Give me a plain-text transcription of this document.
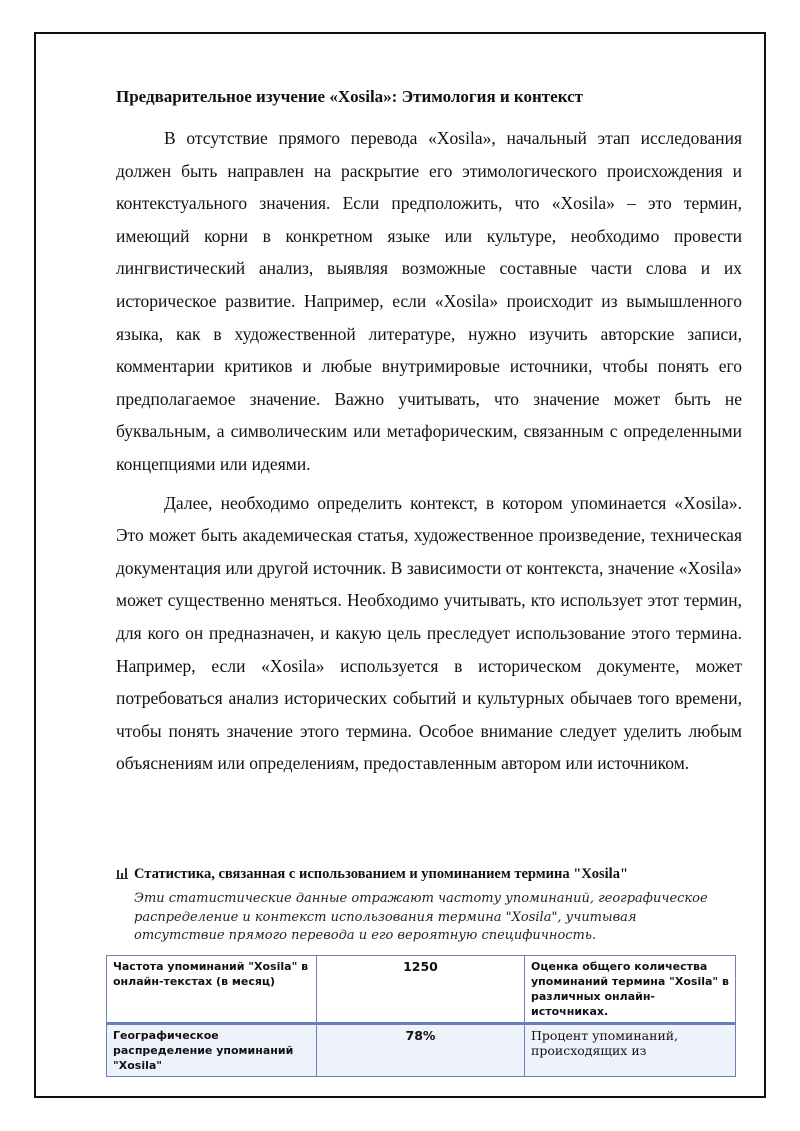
Предварительное изучение «Xosila»: Этимология и контекст

В отсутствие прямого перевода «Xosila», начальный этап исследования должен быть направлен на раскрытие его этимологического происхождения и контекстуального значения. Если предположить, что «Xosila» – это термин, имеющий корни в конкретном языке или культуре, необходимо провести лингвистический анализ, выявляя возможные составные части слова и их историческое развитие. Например, если «Xosila» происходит из вымышленного языка, как в художественной литературе, нужно изучить авторские записи, комментарии критиков и любые внутримировые источники, чтобы понять его предполагаемое значение. Важно учитывать, что значение может быть не буквальным, а символическим или метафорическим, связанным с определенными концепциями или идеями.

Далее, необходимо определить контекст, в котором упоминается «Xosila». Это может быть академическая статья, художественное произведение, техническая документация или другой источник. В зависимости от контекста, значение «Xosila» может существенно меняться. Необходимо учитывать, кто использует этот термин, для кого он предназначен, и какую цель преследует использование этого термина. Например, если «Xosila» используется в историческом документе, может потребоваться анализ исторических событий и культурных обычаев того времени, чтобы понять значение этого термина. Особое внимание следует уделить любым объяснениям или определениям, предоставленным автором или источником.

Статистика, связанная с использованием и упоминанием термина "Xosila"
Эти статистические данные отражают частоту упоминаний, географическое распределение и контекст использования термина "Xosila", учитывая отсутствие прямого перевода и его вероятную специфичность.
Частота упоминаний "Xosila" в онлайн-текстах (в месяц)	1250	Оценка общего количества упоминаний термина "Xosila" в различных онлайн-источниках.
Географическое распределение упоминаний "Xosila"	78%	Процент упоминаний, происходящих из
